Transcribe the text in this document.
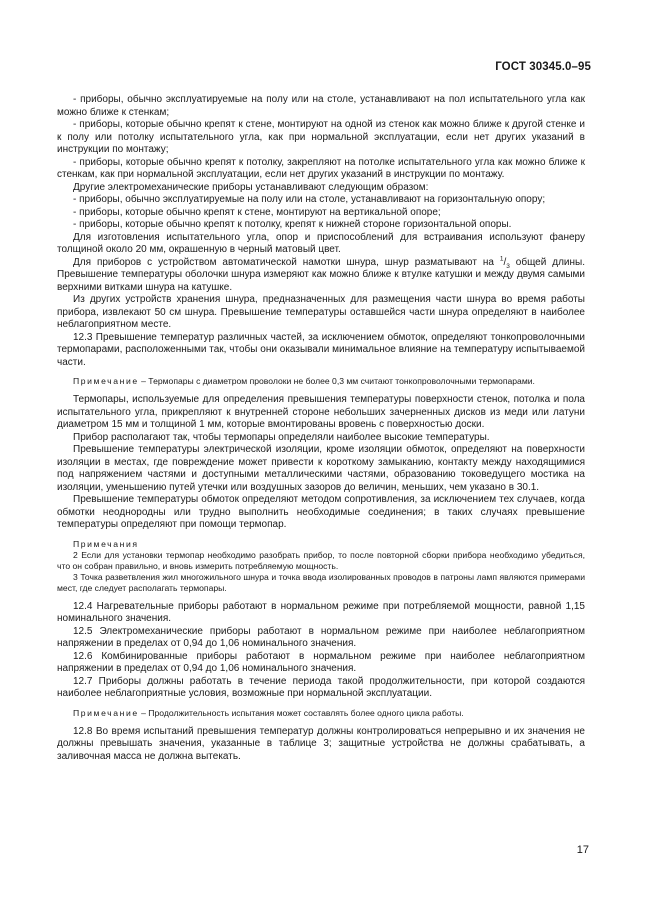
ГОСТ 30345.0–95

- приборы, обычно эксплуатируемые на полу или на столе, устанавливают на пол испытательного угла как можно ближе к стенкам;

- приборы, которые обычно крепят к стене, монтируют на одной из стенок как можно ближе к другой стенке и к полу или потолку испытательного угла, как при нормальной эксплуатации, если нет других указаний в инструкции по монтажу;

- приборы, которые обычно крепят к потолку, закрепляют на потолке испытательного угла как можно ближе к стенкам, как при нормальной эксплуатации, если нет других указаний в инструкции по монтажу.

Другие электромеханические приборы устанавливают следующим образом:

- приборы, обычно эксплуатируемые на полу или на столе, устанавливают на горизонтальную опору;

- приборы, которые обычно крепят к стене, монтируют на вертикальной опоре;

- приборы, которые обычно крепят к потолку, крепят к нижней стороне горизонтальной опоры.

Для изготовления испытательного угла, опор и приспособлений для встраивания используют фанеру толщиной около 20 мм, окрашенную в черный матовый цвет.

Для приборов с устройством автоматической намотки шнура, шнур разматывают на $^1/_3$ общей длины. Превышение температуры оболочки шнура измеряют как можно ближе к втулке катушки и между двумя самыми верхними витками шнура на катушке.

Из других устройств хранения шнура, предназначенных для размещения части шнура во время работы прибора, извлекают 50 см шнура. Превышение температуры оставшейся части шнура определяют в наиболее неблагоприятном месте.

12.3 Превышение температур различных частей, за исключением обмоток, определяют тонкопроволочными термопарами, расположенными так, чтобы они оказывали минимальное влияние на температуру испытываемой части.

Примечание – Термопары с диаметром проволоки не более 0,3 мм считают тонкопроволочными термопарами.

Термопары, используемые для определения превышения температуры поверхности стенок, потолка и пола испытательного угла, прикрепляют к внутренней стороне небольших зачерненных дисков из меди или латуни диаметром 15 мм и толщиной 1 мм, которые вмонтированы вровень с поверхностью доски.

Прибор располагают так, чтобы термопары определяли наиболее высокие температуры.

Превышение температуры электрической изоляции, кроме изоляции обмоток, определяют на поверхности изоляции в местах, где повреждение может привести к короткому замыканию, контакту между находящимися под напряжением частями и доступными металлическими частями, образованию токоведущего мостика на изоляции, уменьшению путей утечки или воздушных зазоров до величин, меньших, чем указано в 30.1.

Превышение температуры обмоток определяют методом сопротивления, за исключением тех случаев, когда обмотки неоднородны или трудно выполнить необходимые соединения; в таких случаях превышение температуры определяют при помощи термопар.

Примечания

2 Если для установки термопар необходимо разобрать прибор, то после повторной сборки прибора необходимо убедиться, что он собран правильно, и вновь измерить потребляемую мощность.

3 Точка разветвления жил многожильного шнура и точка ввода изолированных проводов в патроны ламп являются примерами мест, где следует располагать термопары.

12.4 Нагревательные приборы работают в нормальном режиме при потребляемой мощности, равной 1,15 номинального значения.

12.5 Электромеханические приборы работают в нормальном режиме при наиболее неблагоприятном напряжении в пределах от 0,94 до 1,06 номинального значения.

12.6 Комбинированные приборы работают в нормальном режиме при наиболее неблагоприятном напряжении в пределах от 0,94 до 1,06 номинального значения.

12.7 Приборы должны работать в течение периода такой продолжительности, при которой создаются наиболее неблагоприятные условия, возможные при нормальной эксплуатации.

Примечание – Продолжительность испытания может составлять более одного цикла работы.

12.8 Во время испытаний превышения температур должны контролироваться непрерывно и их значения не должны превышать значения, указанные в таблице 3; защитные устройства не должны срабатывать, а заливочная масса не должна вытекать.

17
